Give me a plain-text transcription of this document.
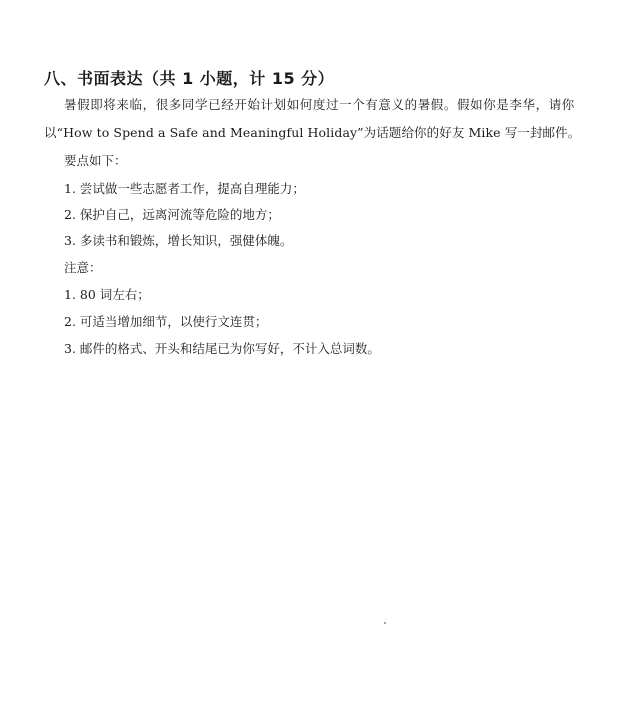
八、书面表达（共 1 小题，计 15 分）
暑假即将来临，很多同学已经开始计划如何度过一个有意义的暑假。假如你是李华，请你
以“How to Spend a Safe and Meaningful Holiday”为话题给你的好友 Mike 写一封邮件。
要点如下：
1. 尝试做一些志愿者工作，提高自理能力；
2. 保护自己，远离河流等危险的地方；
3. 多读书和锻炼，增长知识，强健体魄。
注意：
1. 80 词左右；
2. 可适当增加细节，以使行文连贯；
3. 邮件的格式、开头和结尾已为你写好，不计入总词数。
